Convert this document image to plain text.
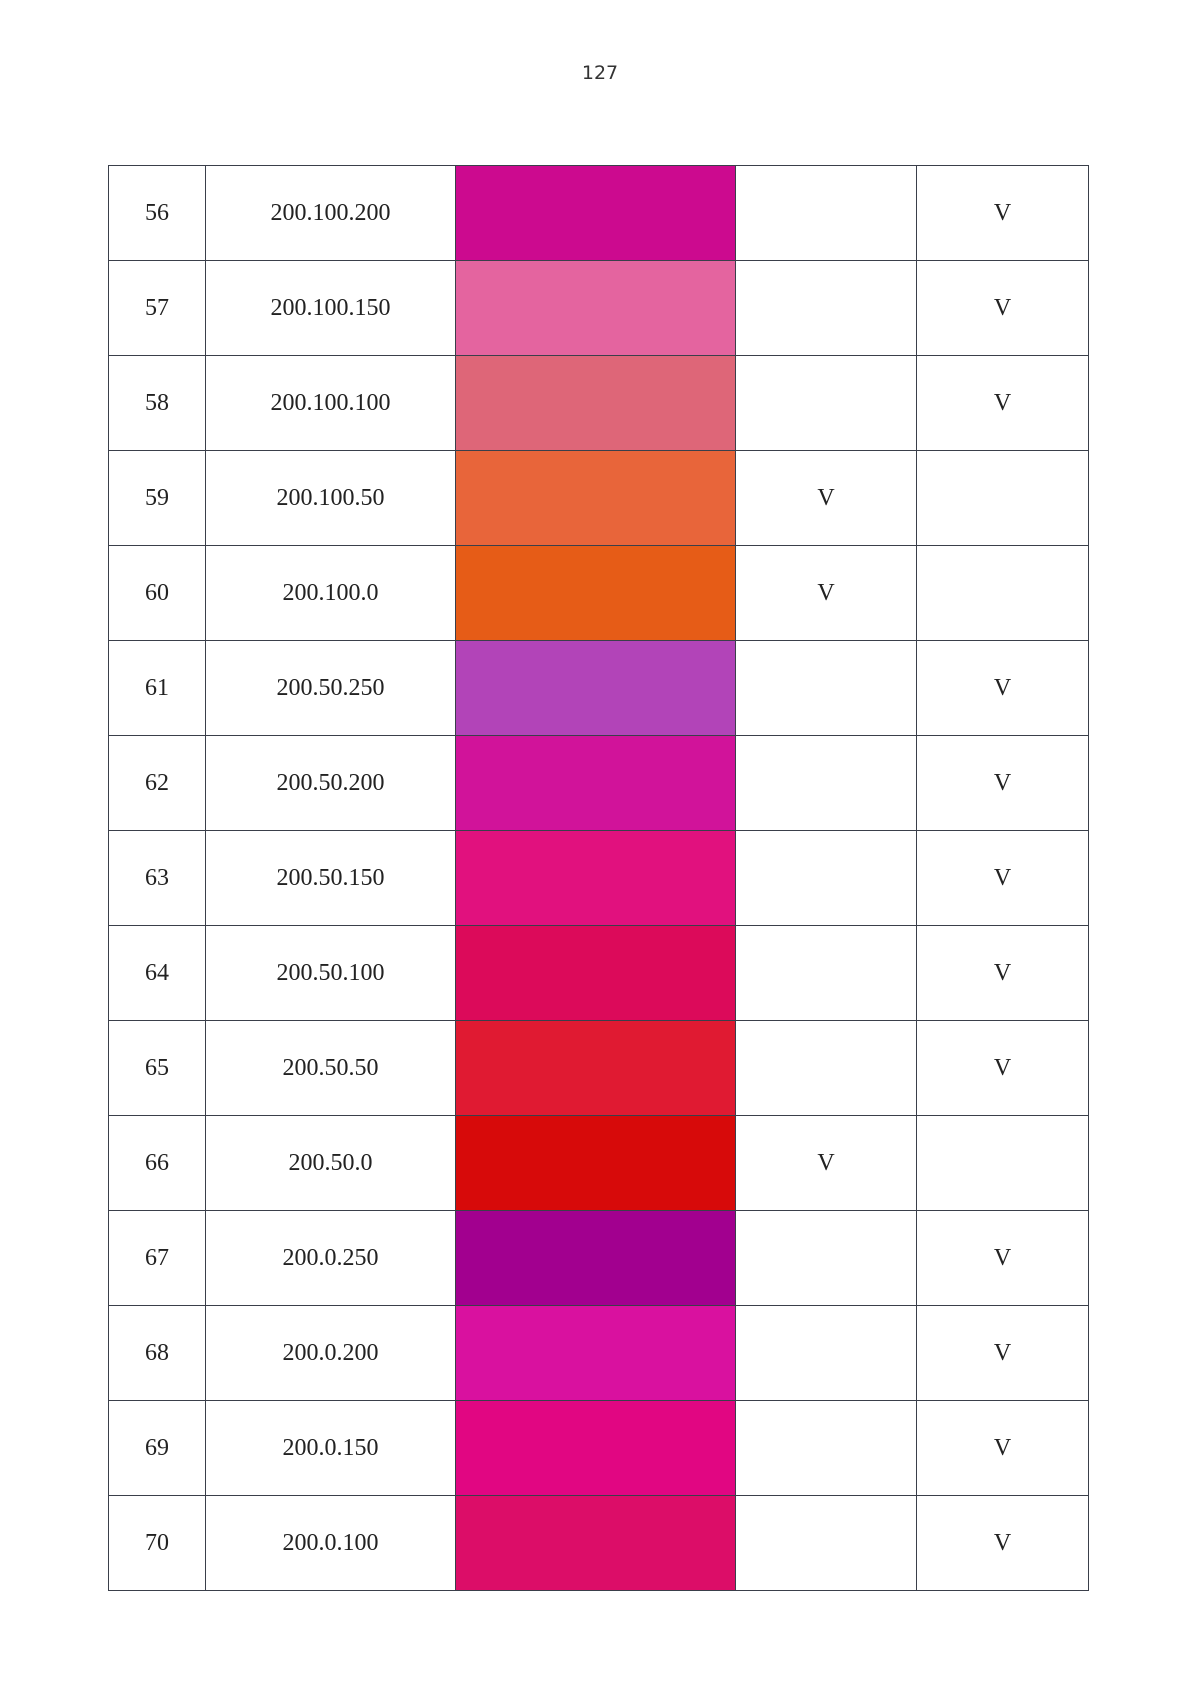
127
56	200.100.200			V
57	200.100.150			V
58	200.100.100			V
59	200.100.50		V	
60	200.100.0		V	
61	200.50.250			V
62	200.50.200			V
63	200.50.150			V
64	200.50.100			V
65	200.50.50			V
66	200.50.0		V	
67	200.0.250			V
68	200.0.200			V
69	200.0.150			V
70	200.0.100			V
